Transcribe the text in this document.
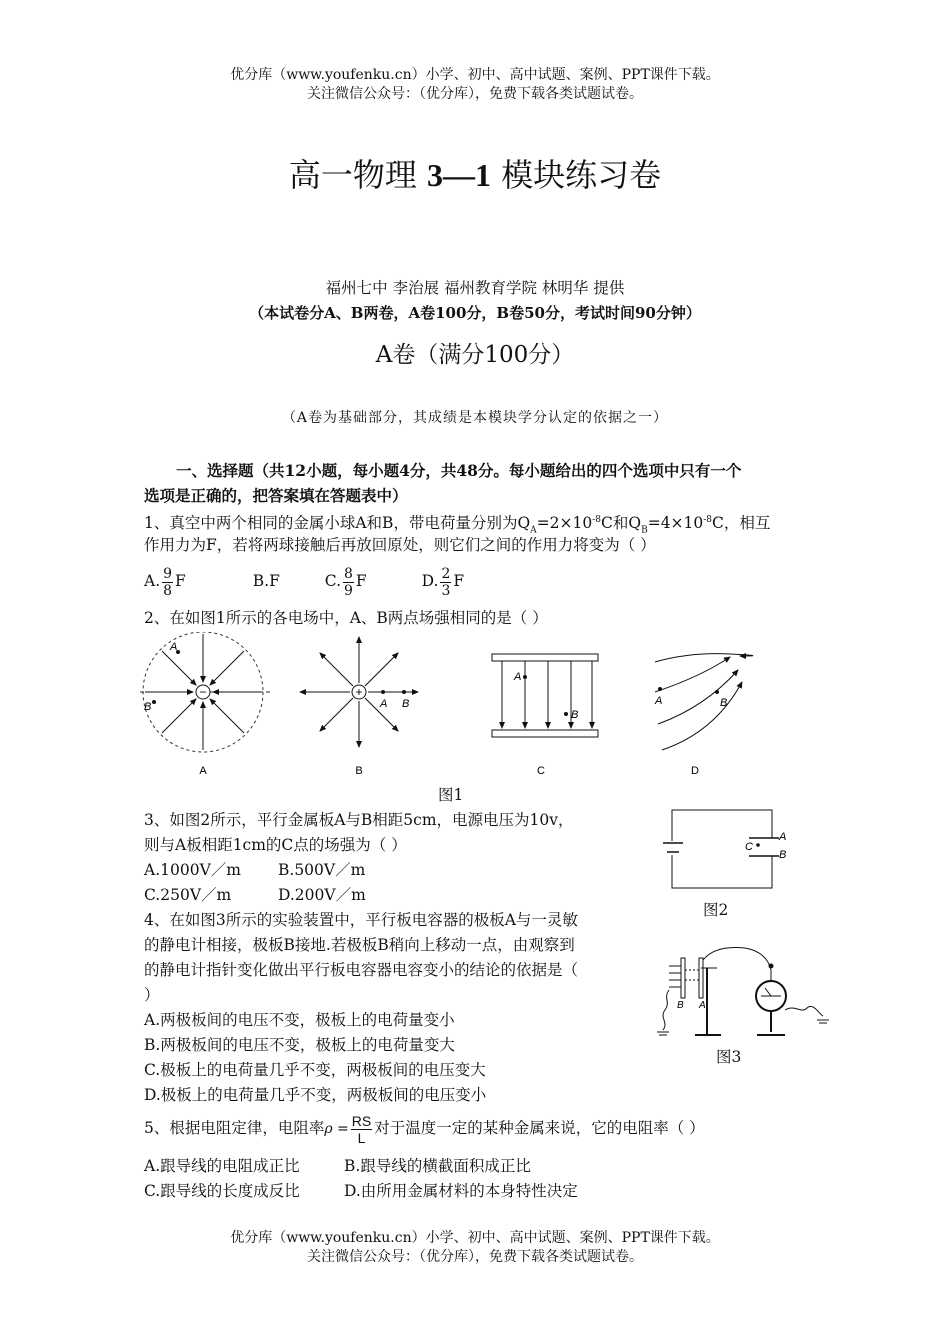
优分库（www.youfenku.cn）小学、初中、高中试题、案例、PPT课件下载。
关注微信公众号：（优分库），免费下载各类试题试卷。
高一物理 3—1 模块练习卷
福州七中 李治展 福州教育学院 林明华 提供
（本试卷分A、B两卷，A卷100分，B卷50分，考试时间90分钟）
A卷（满分100分）
（A卷为基础部分，其成绩是本模块学分认定的依据之一）
一、选择题（共12小题，每小题4分，共48分。每小题给出的四个选项中只有一个
选项是正确的，把答案填在答题表中）
1、真空中两个相同的金属小球A和B，带电荷量分别为$Q_A=2\times 10^{-8}C$和$Q_B=4\times 10^{-8}C$，相互
作用力为F，若将两球接触后再放回原处，则它们之间的作用力将变为（ ）
A. $\frac{9}{8}$ F	B.F	C. $\frac{8}{9}$ F	D. $\frac{2}{3}$ F
2、在如图1所示的各电场中，A、B两点场强相同的是（ ）
−
A
B
A
+
A B
B
A
B
C
A	B
D
图1
3、如图2所示，平行金属板A与B相距5cm，电源电压为10v，
则与A板相距1cm的C点的场强为（ ）
A.1000V／m B.500V／m
C.250V／m	D.200V／m
C
A
B
图2
4、在如图3所示的实验装置中，平行板电容器的极板A与一灵敏
的静电计相接，极板B接地.若极板B稍向上移动一点，由观察到
的静电计指针变化做出平行板电容器电容变小的结论的依据是（
）
A.两极板间的电压不变，极板上的电荷量变小
B.两极板间的电压不变，极板上的电荷量变大
C.极板上的电荷量几乎不变，两极板间的电压变大
D.极板上的电荷量几乎不变，两极板间的电压变小
B A
图3
5、根据电阻定律，电阻率$\rho = \frac{RS}{L}$ 对于温度一定的某种金属来说，它的电阻率（ ）
A.跟导线的电阻成正比	B.跟导线的横截面积成正比
C.跟导线的长度成反比	D.由所用金属材料的本身特性决定
优分库（www.youfenku.cn）小学、初中、高中试题、案例、PPT课件下载。
关注微信公众号：（优分库），免费下载各类试题试卷。
